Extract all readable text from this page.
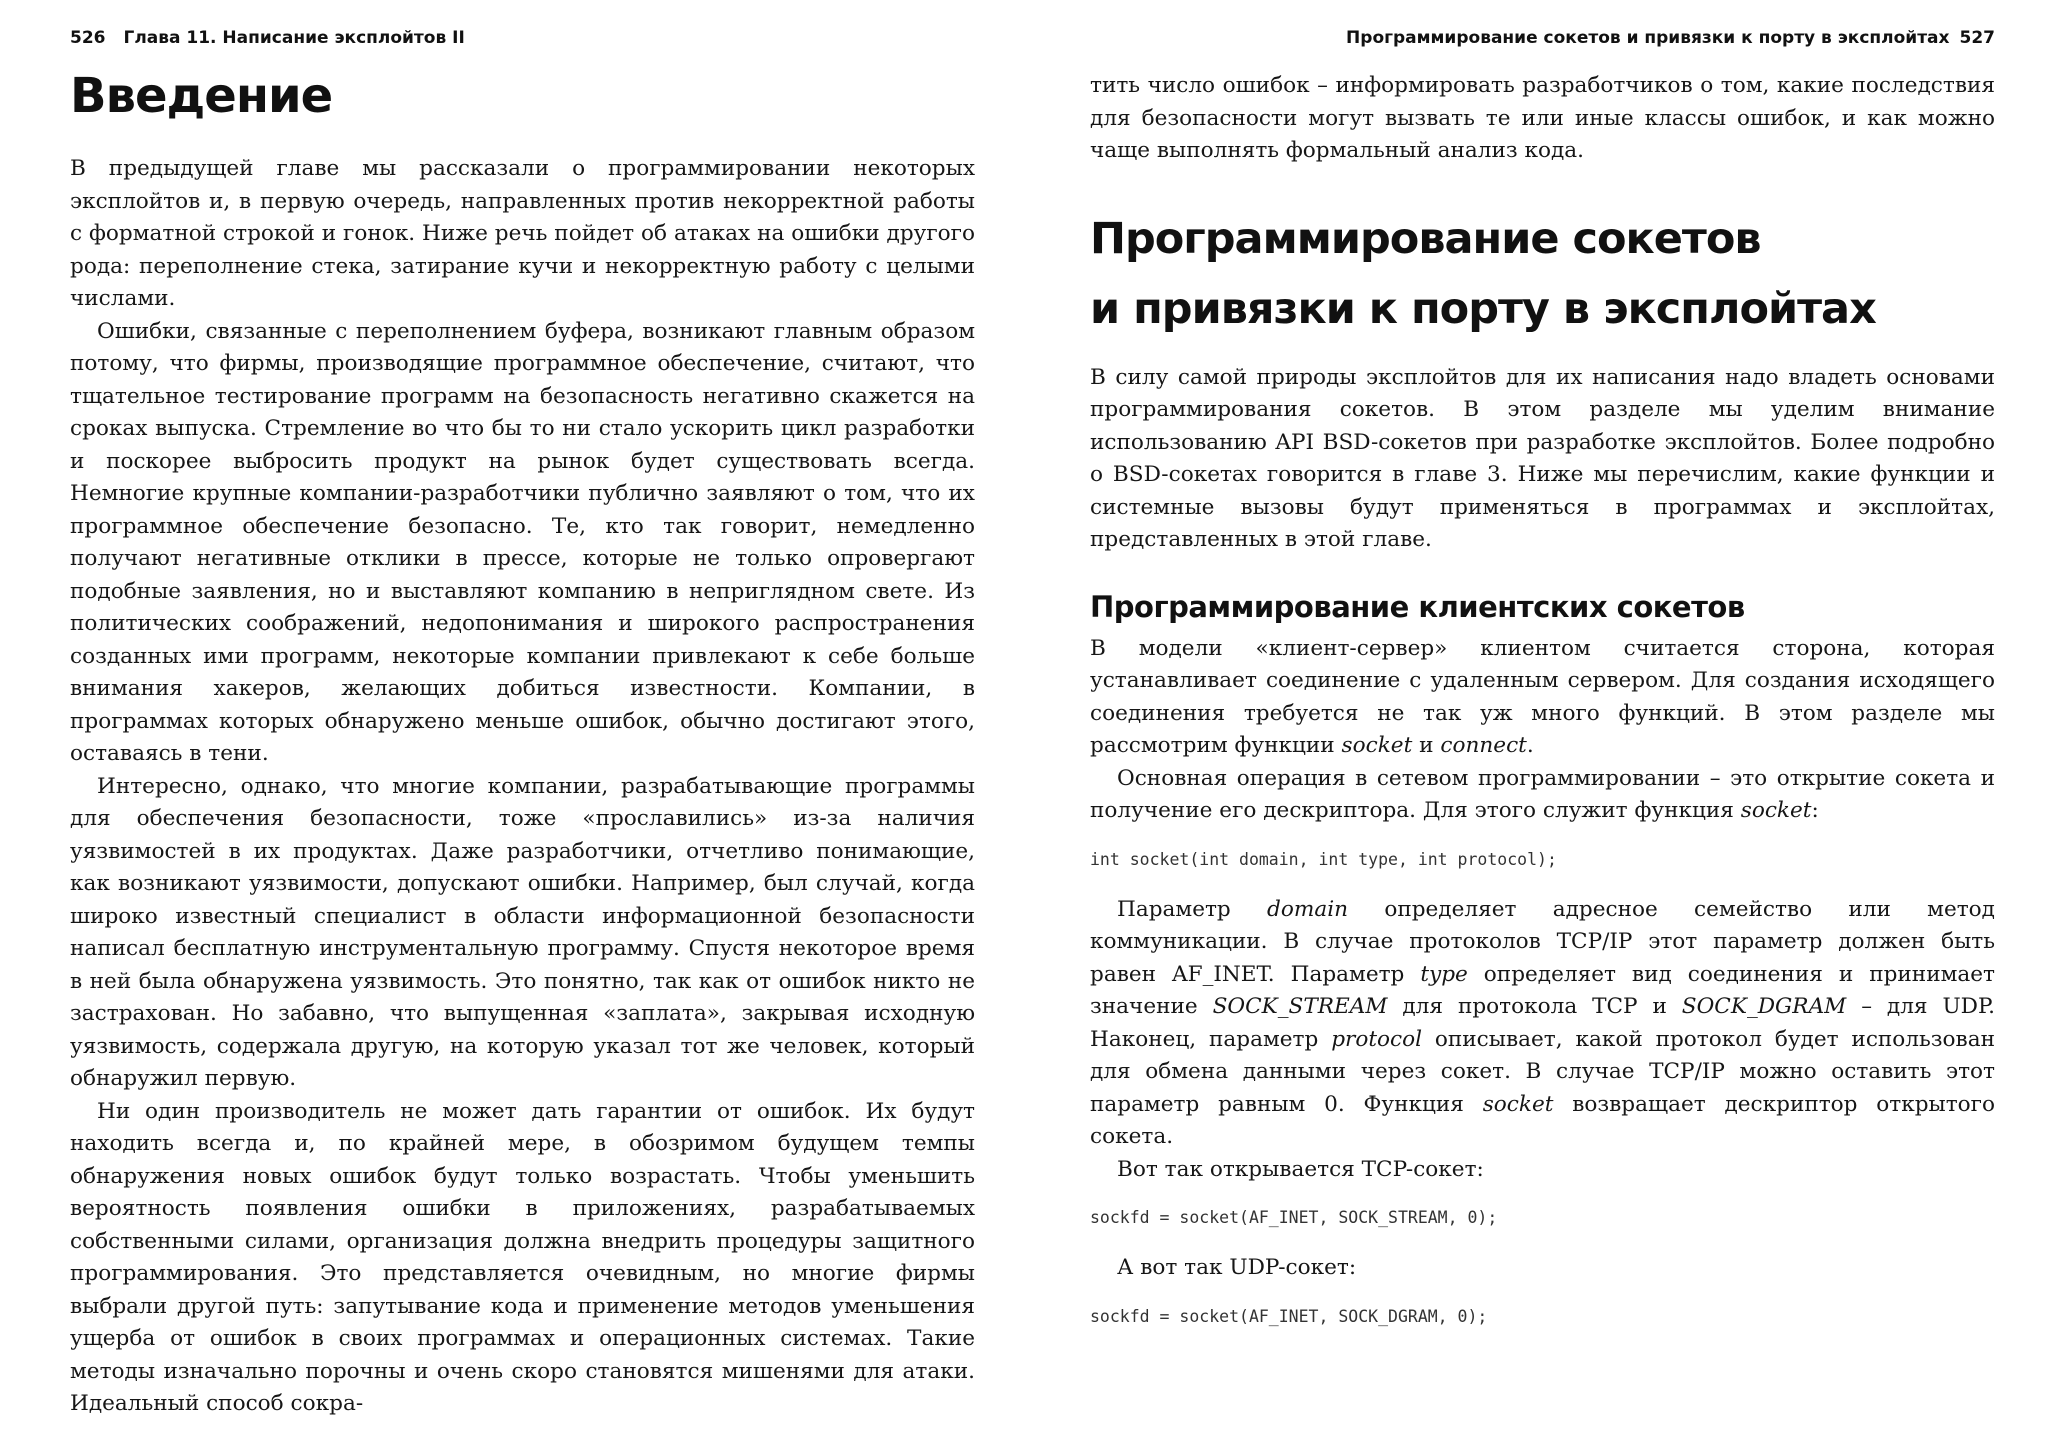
526 Глава 11. Написание эксплойтов II
Введение

В предыдущей главе мы рассказали о программировании некоторых эксплойтов и, в первую очередь, направленных против некорректной работы с форматной строкой и гонок. Ниже речь пойдет об атаках на ошибки другого рода: переполнение стека, затирание кучи и некорректную работу с целыми числами.

Ошибки, связанные с переполнением буфера, возникают главным образом потому, что фирмы, производящие программное обеспечение, считают, что тщательное тестирование программ на безопасность негативно скажется на сроках выпуска. Стремление во что бы то ни стало ускорить цикл разработки и поскорее выбросить продукт на рынок будет существовать всегда. Немногие крупные компании-разработчики публично заявляют о том, что их программное обеспечение безопасно. Те, кто так говорит, немедленно получают негативные отклики в прессе, которые не только опровергают подобные заявления, но и выставляют компанию в неприглядном свете. Из политических соображений, недопонимания и широкого распространения созданных ими программ, некоторые компании привлекают к себе больше внимания хакеров, желающих добиться известности. Компании, в программах которых обнаружено меньше ошибок, обычно достигают этого, оставаясь в тени.

Интересно, однако, что многие компании, разрабатывающие программы для обеспечения безопасности, тоже «прославились» из-за наличия уязвимостей в их продуктах. Даже разработчики, отчетливо понимающие, как возникают уязвимости, допускают ошибки. Например, был случай, когда широко известный специалист в области информационной безопасности написал бесплатную инструментальную программу. Спустя некоторое время в ней была обнаружена уязвимость. Это понятно, так как от ошибок никто не застрахован. Но забавно, что выпущенная «заплата», закрывая исходную уязвимость, содержала другую, на которую указал тот же человек, который обнаружил первую.

Ни один производитель не может дать гарантии от ошибок. Их будут находить всегда и, по крайней мере, в обозримом будущем темпы обнаружения новых ошибок будут только возрастать. Чтобы уменьшить вероятность появления ошибки в приложениях, разрабатываемых собственными силами, организация должна внедрить процедуры защитного программирования. Это представляется очевидным, но многие фирмы выбрали другой путь: запутывание кода и применение методов уменьшения ущерба от ошибок в своих программах и операционных системах. Такие методы изначально порочны и очень скоро становятся мишенями для атаки. Идеальный способ сокра-

Программирование сокетов и привязки к порту в эксплойтах 527

тить число ошибок – информировать разработчиков о том, какие последствия для безопасности могут вызвать те или иные классы ошибок, и как можно чаще выполнять формальный анализ кода.

Программирование сокетов
и привязки к порту в эксплойтах

В силу самой природы эксплойтов для их написания надо владеть основами программирования сокетов. В этом разделе мы уделим внимание использованию API BSD-сокетов при разработке эксплойтов. Более подробно о BSD-сокетах говорится в главе 3. Ниже мы перечислим, какие функции и системные вызовы будут применяться в программах и эксплойтах, представленных в этой главе.

Программирование клиентских сокетов

В модели «клиент-сервер» клиентом считается сторона, которая устанавливает соединение с удаленным сервером. Для создания исходящего соединения требуется не так уж много функций. В этом разделе мы рассмотрим функции socket и connect.

Основная операция в сетевом программировании – это открытие сокета и получение его дескриптора. Для этого служит функция socket:

int socket(int domain, int type, int protocol);

Параметр domain определяет адресное семейство или метод коммуникации. В случае протоколов TCP/IP этот параметр должен быть равен AF_INET. Параметр type определяет вид соединения и принимает значение SOCK_STREAM для протокола TCP и SOCK_DGRAM – для UDP. Наконец, параметр protocol описывает, какой протокол будет использован для обмена данными через сокет. В случае TCP/IP можно оставить этот параметр равным 0. Функция socket возвращает дескриптор открытого сокета.

Вот так открывается TCP-сокет:

sockfd = socket(AF_INET, SOCK_STREAM, 0);

А вот так UDP-сокет:

sockfd = socket(AF_INET, SOCK_DGRAM, 0);
